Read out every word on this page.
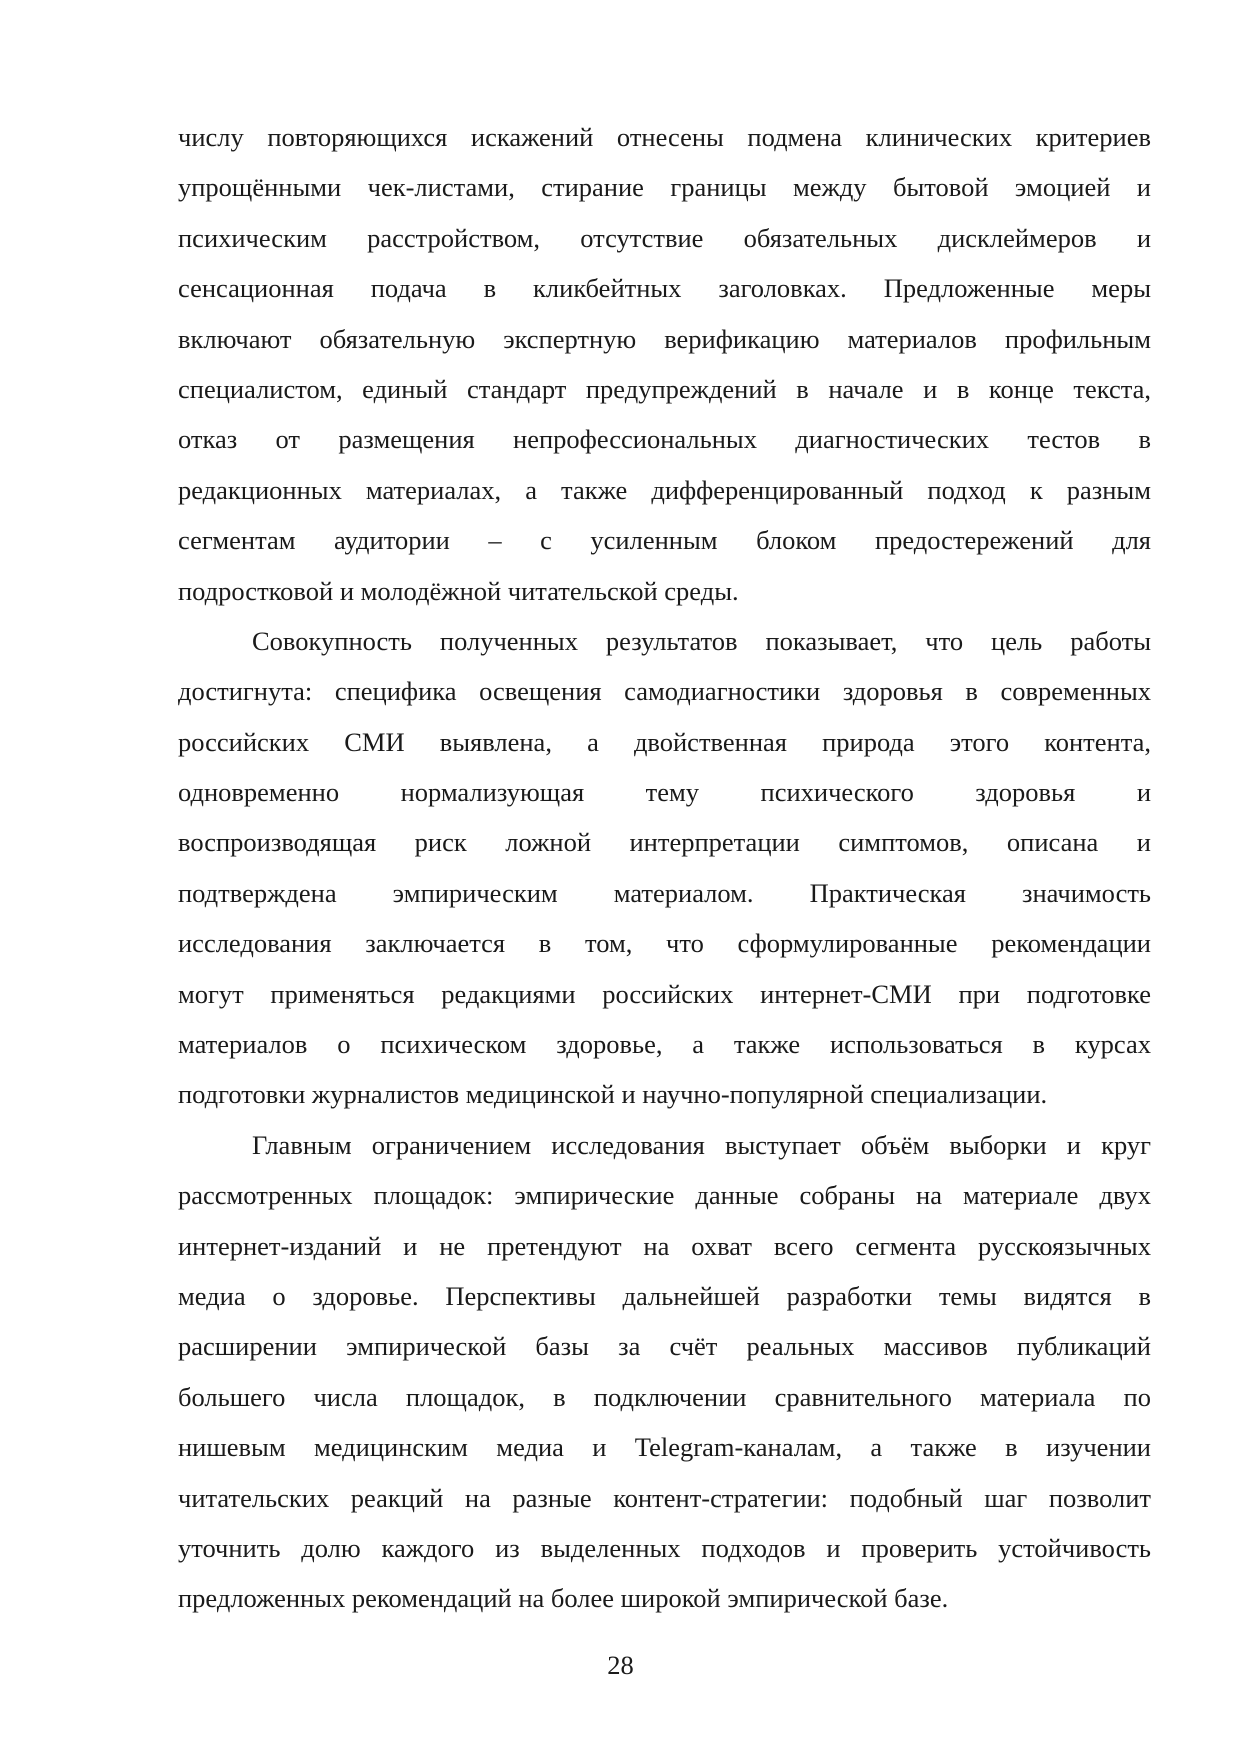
числу повторяющихся искажений отнесены подмена клинических критериев
упрощёнными чек-листами, стирание границы между бытовой эмоцией и
психическим расстройством, отсутствие обязательных дисклеймеров и
сенсационная подача в кликбейтных заголовках. Предложенные меры
включают обязательную экспертную верификацию материалов профильным
специалистом, единый стандарт предупреждений в начале и в конце текста,
отказ от размещения непрофессиональных диагностических тестов в
редакционных материалах, а также дифференцированный подход к разным
сегментам аудитории – с усиленным блоком предостережений для
подростковой и молодёжной читательской среды.
Совокупность полученных результатов показывает, что цель работы
достигнута: специфика освещения самодиагностики здоровья в современных
российских СМИ выявлена, а двойственная природа этого контента,
одновременно нормализующая тему психического здоровья и
воспроизводящая риск ложной интерпретации симптомов, описана и
подтверждена эмпирическим материалом. Практическая значимость
исследования заключается в том, что сформулированные рекомендации
могут применяться редакциями российских интернет-СМИ при подготовке
материалов о психическом здоровье, а также использоваться в курсах
подготовки журналистов медицинской и научно-популярной специализации.
Главным ограничением исследования выступает объём выборки и круг
рассмотренных площадок: эмпирические данные собраны на материале двух
интернет-изданий и не претендуют на охват всего сегмента русскоязычных
медиа о здоровье. Перспективы дальнейшей разработки темы видятся в
расширении эмпирической базы за счёт реальных массивов публикаций
большего числа площадок, в подключении сравнительного материала по
нишевым медицинским медиа и Telegram-каналам, а также в изучении
читательских реакций на разные контент-стратегии: подобный шаг позволит
уточнить долю каждого из выделенных подходов и проверить устойчивость
предложенных рекомендаций на более широкой эмпирической базе.
28
